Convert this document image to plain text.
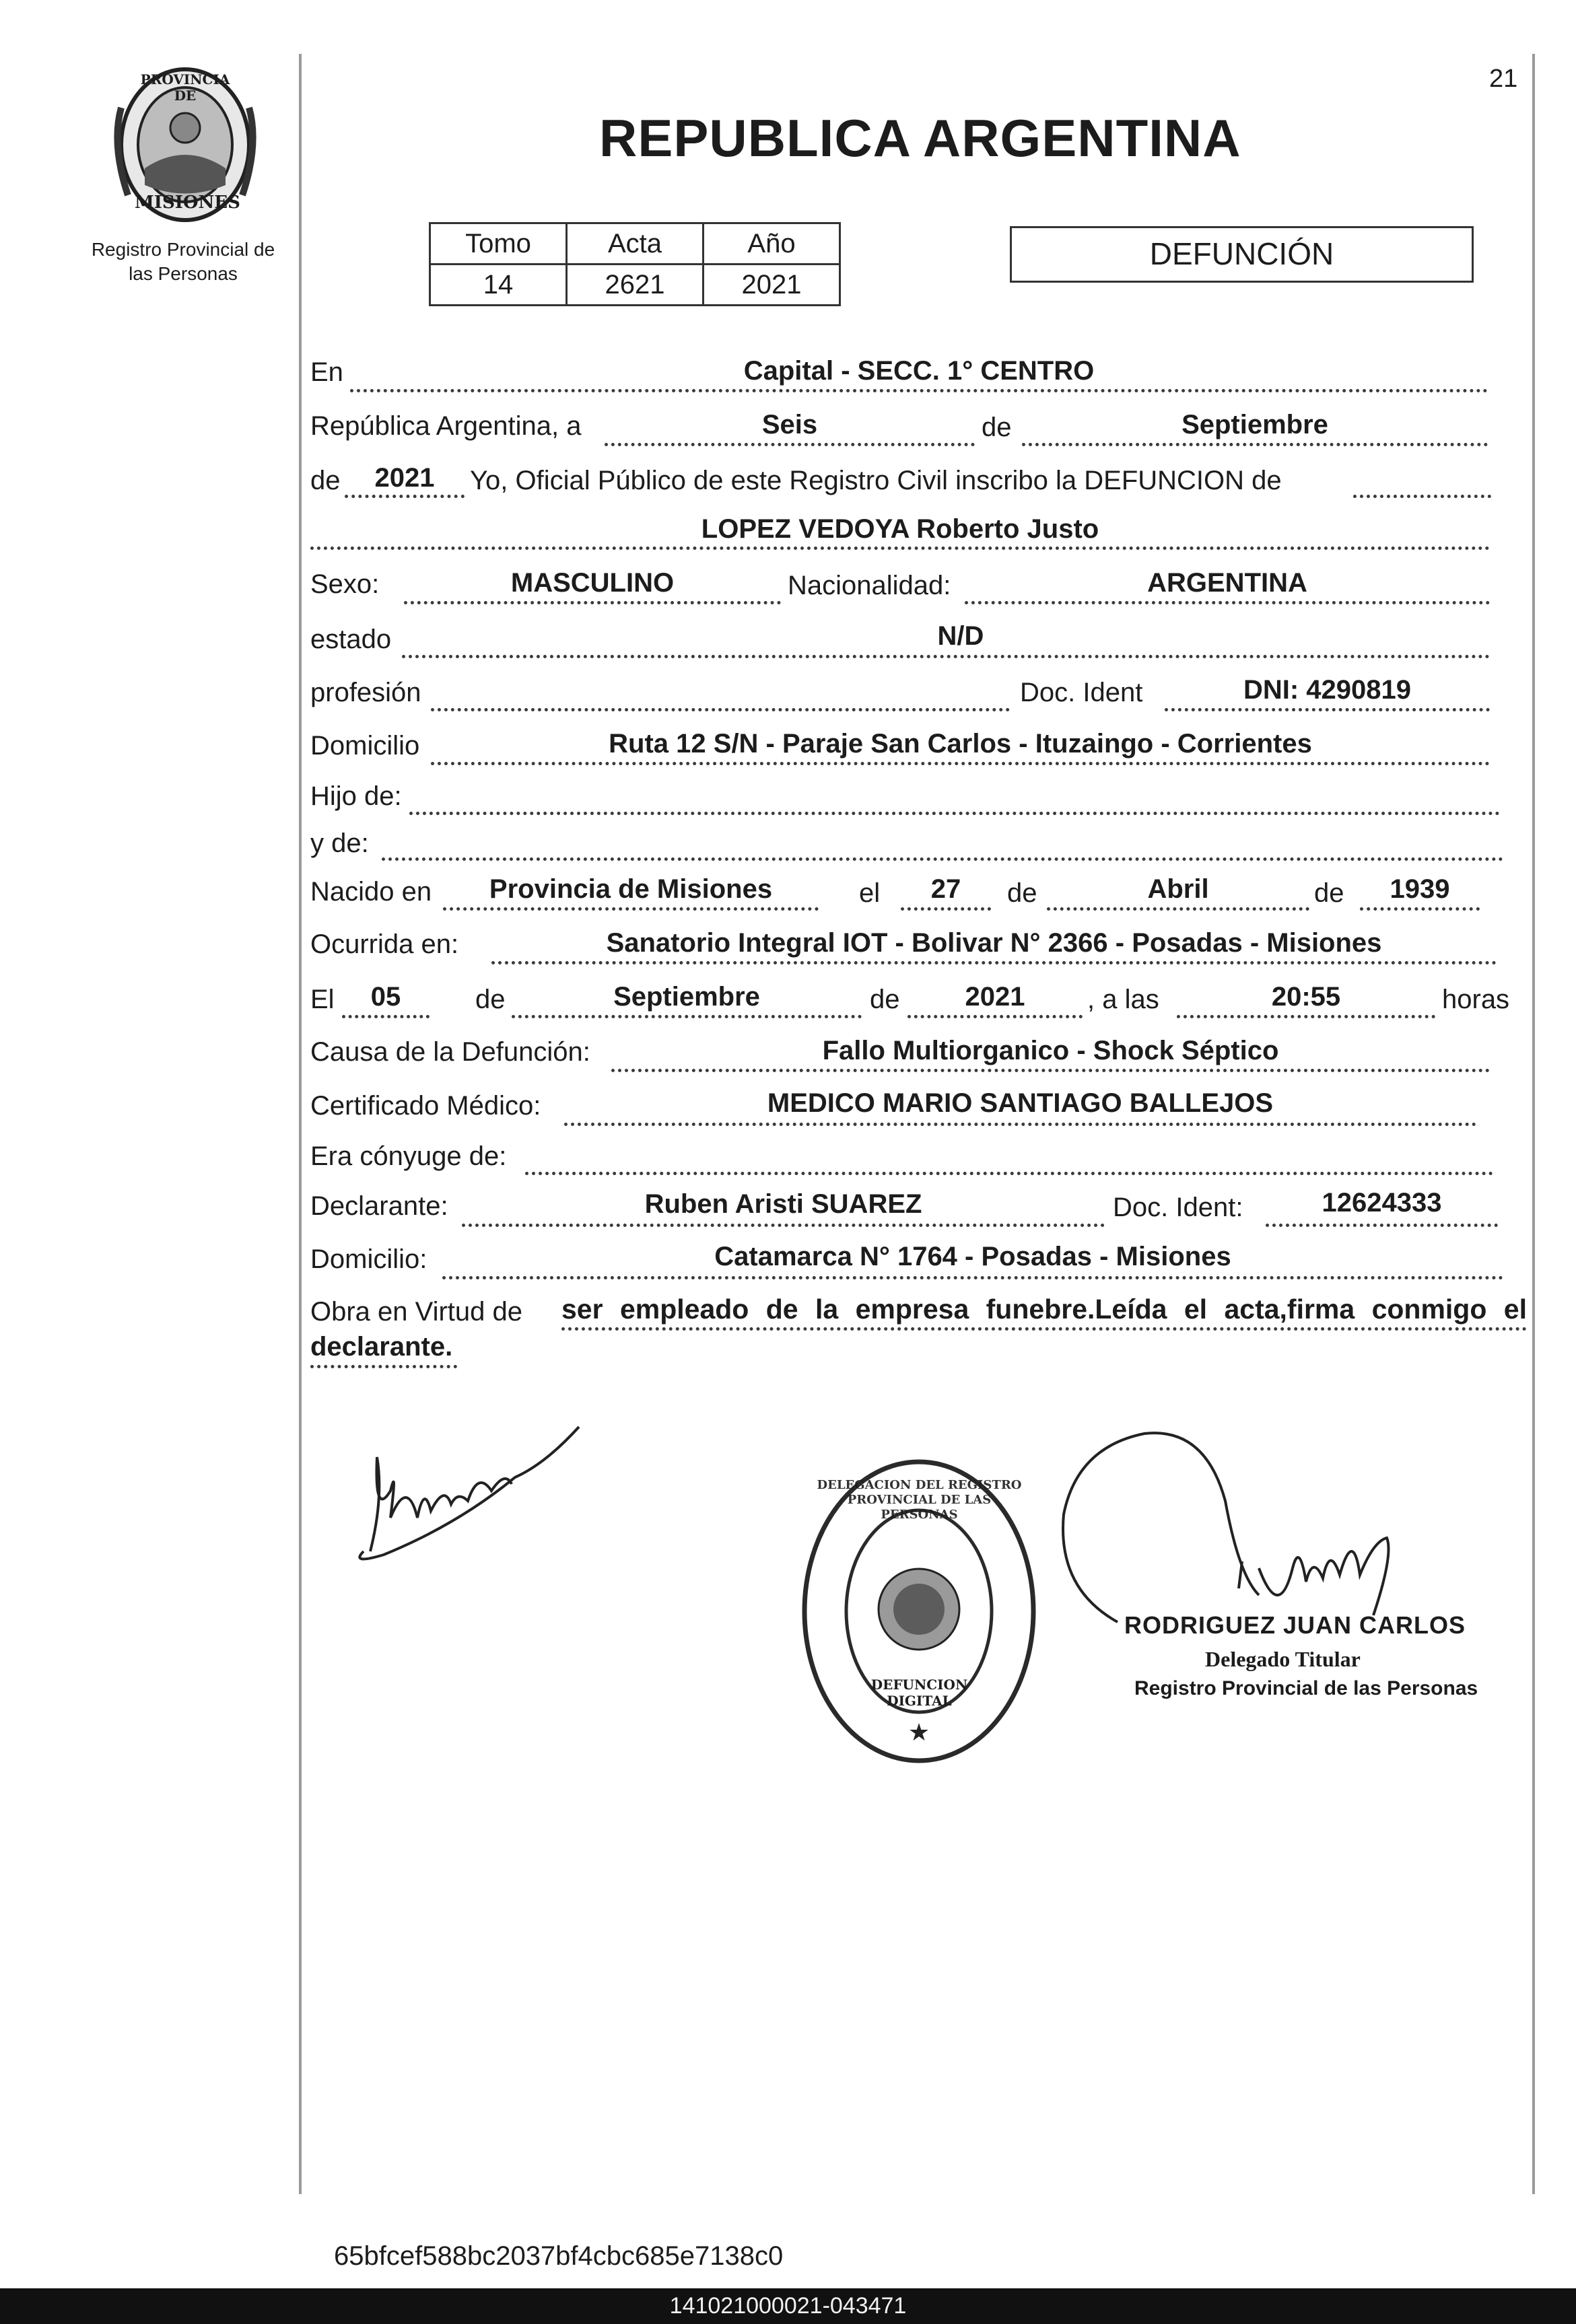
21
PROVINCIA DE
MISIONES
Registro Provincial de
las Personas
REPUBLICA ARGENTINA
Tomo	Acta	Año
14	2621	2021
DEFUNCIÓN
En	Capital - SECC. 1° CENTRO
República Argentina, a	Seis	de	Septiembre
de	2021	Yo, Oficial Público de este Registro Civil inscribo la DEFUNCION de
LOPEZ VEDOYA Roberto Justo
Sexo:	MASCULINO	Nacionalidad:	ARGENTINA
estado	N/D
profesión	Doc. Ident	DNI: 4290819
Domicilio	Ruta 12 S/N - Paraje San Carlos - Ituzaingo - Corrientes
Hijo de:
y de:
Nacido en	Provincia de Misiones	el	27	de	Abril	de	1939
Ocurrida en:	Sanatorio Integral IOT - Bolivar N° 2366 - Posadas - Misiones
El	05	de	Septiembre	de	2021	, a las	20:55	horas
Causa de la Defunción:	Fallo Multiorganico - Shock Séptico
Certificado Médico:	MEDICO MARIO SANTIAGO BALLEJOS
Era cónyuge de:
Declarante:	Ruben Aristi SUAREZ	Doc. Ident:	12624333
Domicilio:	Catamarca N° 1764 - Posadas - Misiones
Obra en Virtud de ser empleado de la empresa funebre.Leída el acta,firma conmigo el
declarante.
★
DELEGACION DEL REGISTRO PROVINCIAL DE LAS PERSONAS
DEFUNCION DIGITAL
RODRIGUEZ JUAN CARLOS
Delegado Titular
Registro Provincial de las Personas
65bfcef588bc2037bf4cbc685e7138c0
141021000021-043471
